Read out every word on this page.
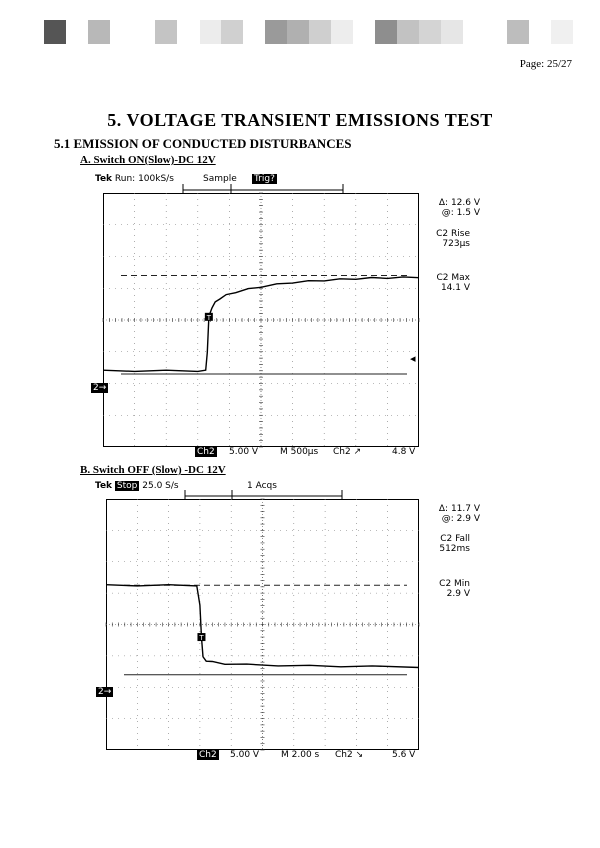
Page: 25/27
5. VOLTAGE TRANSIENT EMISSIONS TEST
5.1 EMISSION OF CONDUCTED DISTURBANCES
A. Switch ON(Slow)-DC 12V
Tek Run: 100kS/s	Sample Trig?
T
2→
Δ: 12.6 V
@: 1.5 V
C2 Rise
723µs
C2 Max
14.1 V
◂
Ch2 5.00 V M 500µs Ch2 ↗	4.8 V
B. Switch OFF (Slow) -DC 12V
Tek Stop 25.0 S/s	1 Acqs
T
2→
Δ: 11.7 V
@: 2.9 V
C2 Fall
512ms
C2 Min
2.9 V
Ch2 5.00 V M 2.00 s Ch2 ↘	5.6 V
